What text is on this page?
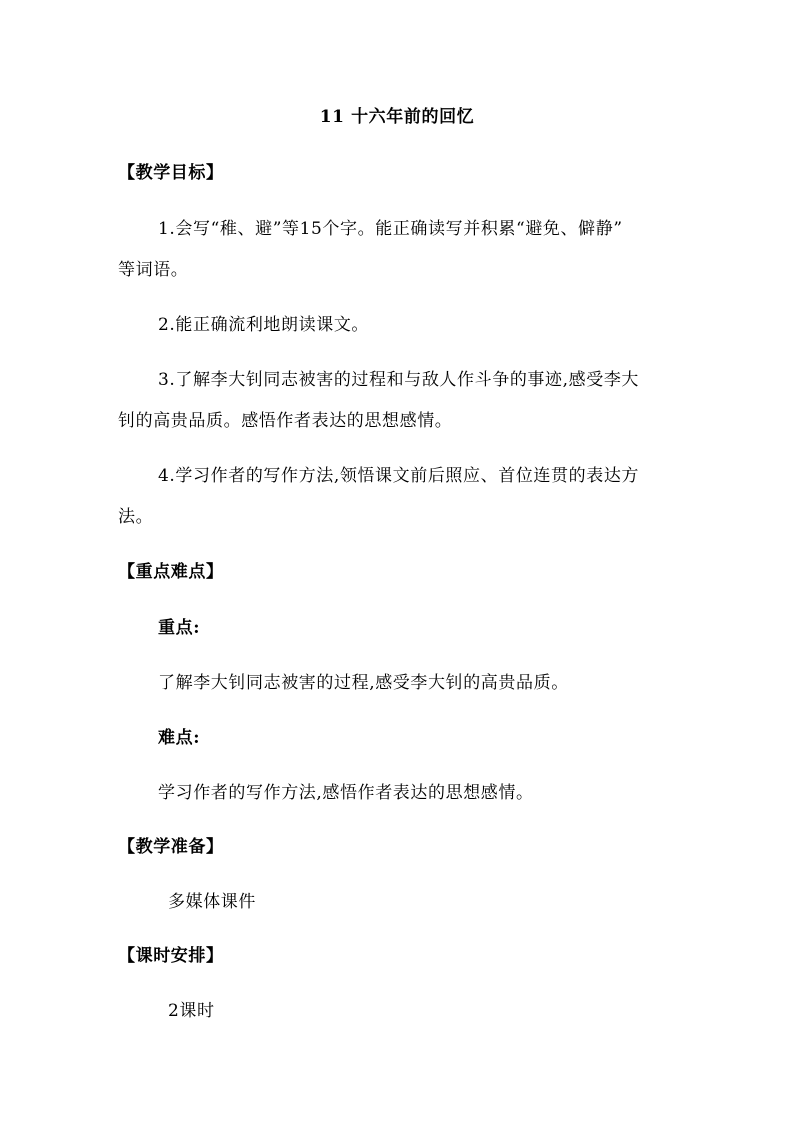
11 十六年前的回忆
【教学目标】
1.会写“稚、避”等15个字。能正确读写并积累“避免、僻静”
等词语。
2.能正确流利地朗读课文。
3.了解李大钊同志被害的过程和与敌人作斗争的事迹,感受李大
钊的高贵品质。感悟作者表达的思想感情。
4.学习作者的写作方法,领悟课文前后照应、首位连贯的表达方
法。
【重点难点】
重点:
了解李大钊同志被害的过程,感受李大钊的高贵品质。
难点:
学习作者的写作方法,感悟作者表达的思想感情。
【教学准备】
多媒体课件
【课时安排】
2课时
